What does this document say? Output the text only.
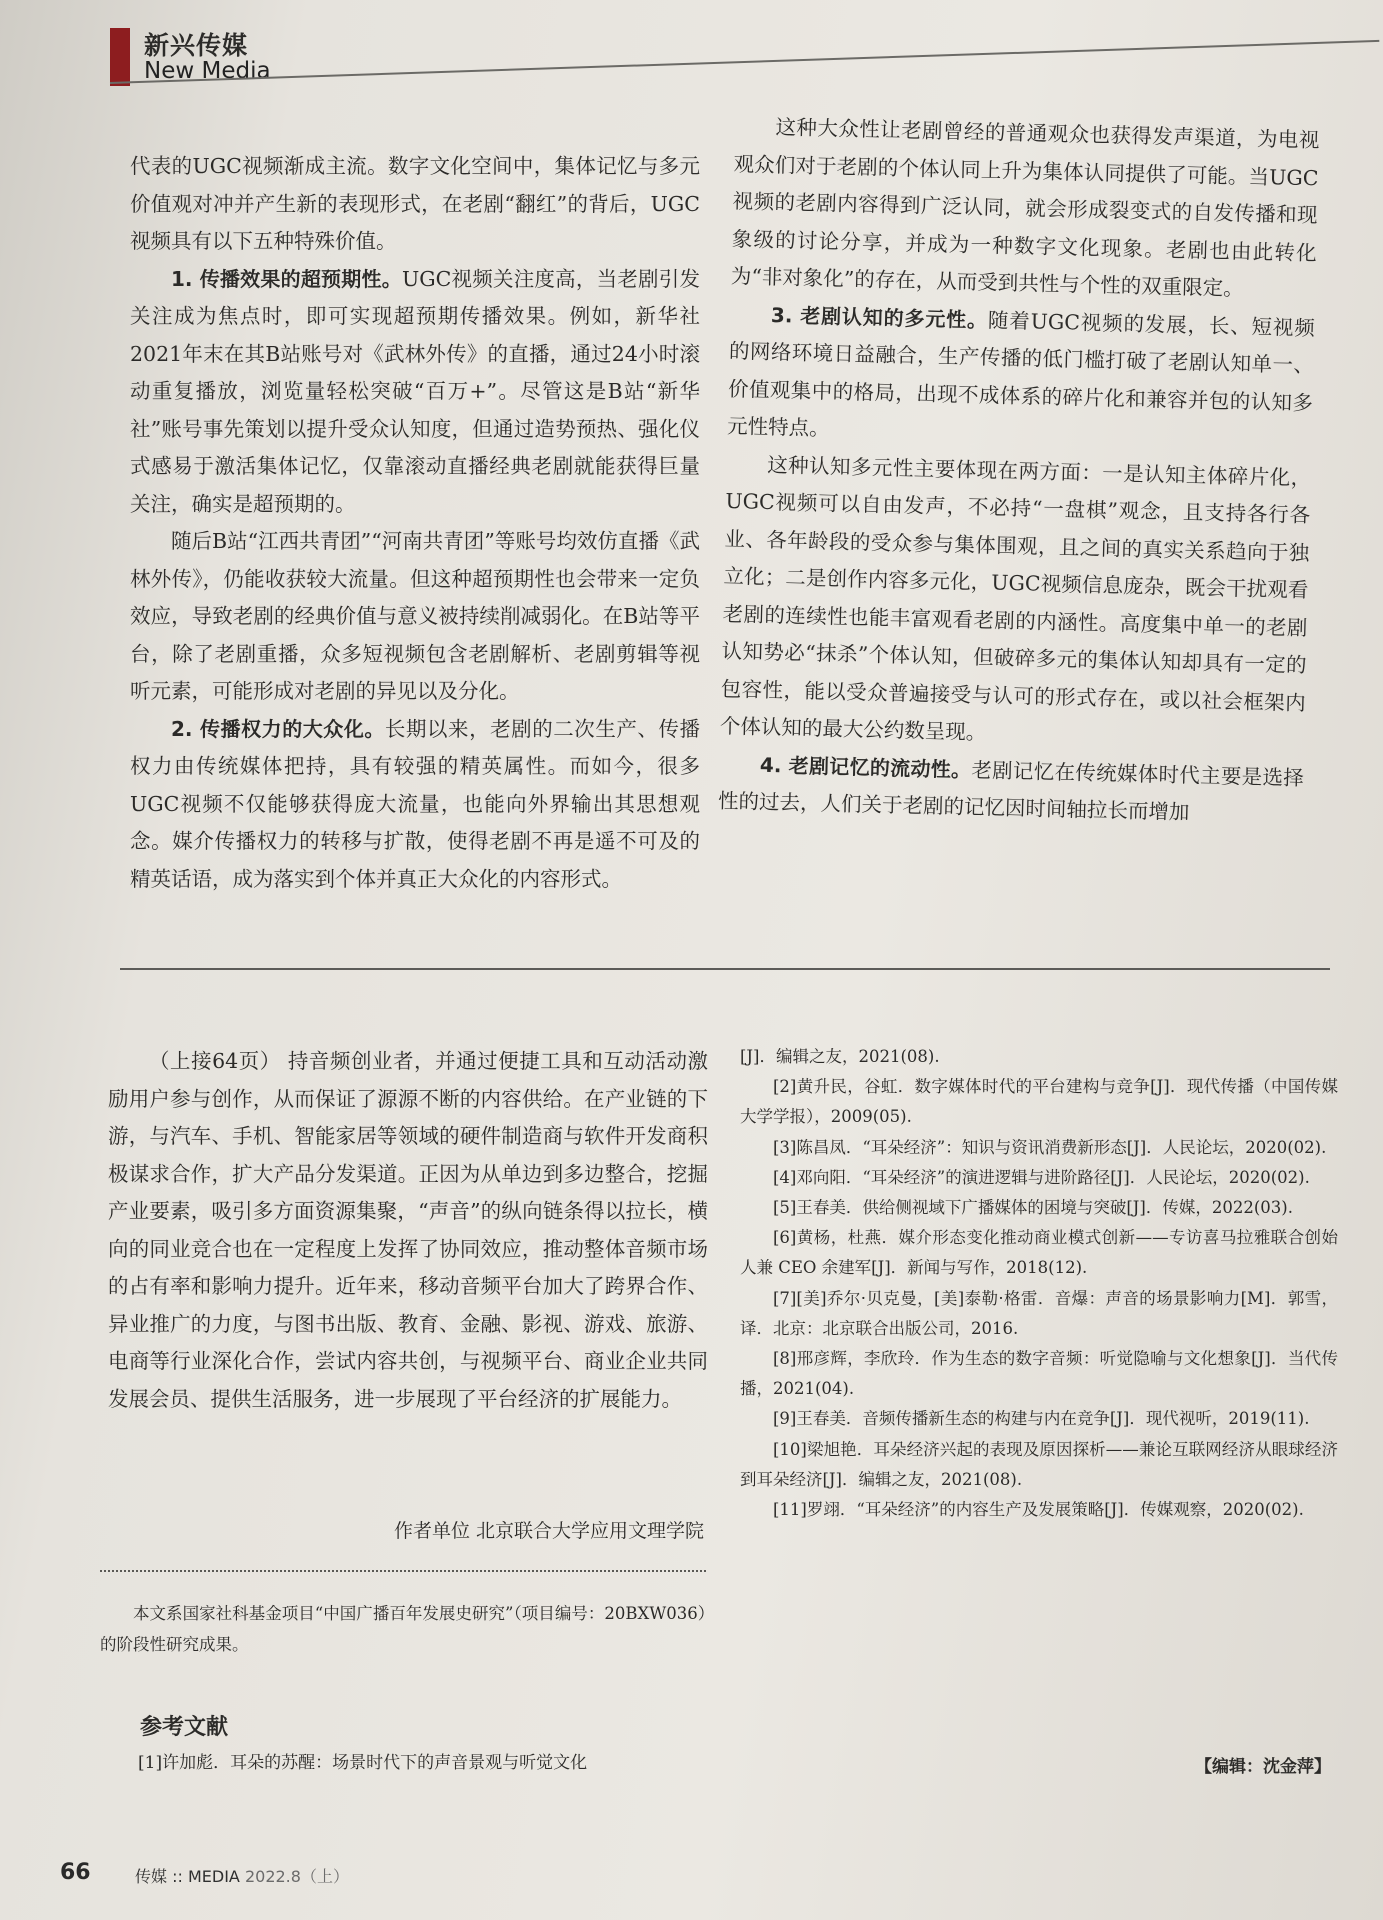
新兴传媒
New Media

代表的UGC视频渐成主流。数字文化空间中，集体记忆与多元价值观对冲并产生新的表现形式，在老剧“翻红”的背后，UGC视频具有以下五种特殊价值。

1. 传播效果的超预期性。UGC视频关注度高，当老剧引发关注成为焦点时，即可实现超预期传播效果。例如，新华社2021年末在其B站账号对《武林外传》的直播，通过24小时滚动重复播放，浏览量轻松突破“百万+”。尽管这是B站“新华社”账号事先策划以提升受众认知度，但通过造势预热、强化仪式感易于激活集体记忆，仅靠滚动直播经典老剧就能获得巨量关注，确实是超预期的。

随后B站“江西共青团”“河南共青团”等账号均效仿直播《武林外传》，仍能收获较大流量。但这种超预期性也会带来一定负效应，导致老剧的经典价值与意义被持续削减弱化。在B站等平台，除了老剧重播，众多短视频包含老剧解析、老剧剪辑等视听元素，可能形成对老剧的异见以及分化。

2. 传播权力的大众化。长期以来，老剧的二次生产、传播权力由传统媒体把持，具有较强的精英属性。而如今，很多UGC视频不仅能够获得庞大流量，也能向外界输出其思想观念。媒介传播权力的转移与扩散，使得老剧不再是遥不可及的精英话语，成为落实到个体并真正大众化的内容形式。

这种大众性让老剧曾经的普通观众也获得发声渠道，为电视观众们对于老剧的个体认同上升为集体认同提供了可能。当UGC视频的老剧内容得到广泛认同，就会形成裂变式的自发传播和现象级的讨论分享，并成为一种数字文化现象。老剧也由此转化为“非对象化”的存在，从而受到共性与个性的双重限定。

3. 老剧认知的多元性。随着UGC视频的发展，长、短视频的网络环境日益融合，生产传播的低门槛打破了老剧认知单一、价值观集中的格局，出现不成体系的碎片化和兼容并包的认知多元性特点。

这种认知多元性主要体现在两方面：一是认知主体碎片化，UGC视频可以自由发声，不必持“一盘棋”观念，且支持各行各业、各年龄段的受众参与集体围观，且之间的真实关系趋向于独立化；二是创作内容多元化，UGC视频信息庞杂，既会干扰观看老剧的连续性也能丰富观看老剧的内涵性。高度集中单一的老剧认知势必“抹杀”个体认知，但破碎多元的集体认知却具有一定的包容性，能以受众普遍接受与认可的形式存在，或以社会框架内个体认知的最大公约数呈现。

4. 老剧记忆的流动性。老剧记忆在传统媒体时代主要是选择性的过去，人们关于老剧的记忆因时间轴拉长而增加

（上接64页） 持音频创业者，并通过便捷工具和互动活动激励用户参与创作，从而保证了源源不断的内容供给。在产业链的下游，与汽车、手机、智能家居等领域的硬件制造商与软件开发商积极谋求合作，扩大产品分发渠道。正因为从单边到多边整合，挖掘产业要素，吸引多方面资源集聚，“声音”的纵向链条得以拉长，横向的同业竞合也在一定程度上发挥了协同效应，推动整体音频市场的占有率和影响力提升。近年来，移动音频平台加大了跨界合作、异业推广的力度，与图书出版、教育、金融、影视、游戏、旅游、电商等行业深化合作，尝试内容共创，与视频平台、商业企业共同发展会员、提供生活服务，进一步展现了平台经济的扩展能力。

作者单位 北京联合大学应用文理学院
本文系国家社科基金项目“中国广播百年发展史研究”（项目编号：20BXW036）的阶段性研究成果。
参考文献
[1]许加彪．耳朵的苏醒：场景时代下的声音景观与听觉文化

[J]．编辑之友，2021(08).

[2]黄升民，谷虹．数字媒体时代的平台建构与竞争[J]．现代传播（中国传媒大学学报），2009(05).

[3]陈昌凤．“耳朵经济”：知识与资讯消费新形态[J]．人民论坛，2020(02).

[4]邓向阳．“耳朵经济”的演进逻辑与进阶路径[J]．人民论坛，2020(02).

[5]王春美．供给侧视域下广播媒体的困境与突破[J]．传媒，2022(03).

[6]黄杨，杜燕．媒介形态变化推动商业模式创新——专访喜马拉雅联合创始人兼 CEO 余建军[J]．新闻与写作，2018(12).

[7][美]乔尔·贝克曼，[美]泰勒·格雷．音爆：声音的场景影响力[M]．郭雪，译．北京：北京联合出版公司，2016.

[8]邢彦辉，李欣玲．作为生态的数字音频：听觉隐喻与文化想象[J]．当代传播，2021(04).

[9]王春美．音频传播新生态的构建与内在竞争[J]．现代视听，2019(11).

[10]梁旭艳．耳朵经济兴起的表现及原因探析——兼论互联网经济从眼球经济到耳朵经济[J]．编辑之友，2021(08).

[11]罗翊．“耳朵经济”的内容生产及发展策略[J]．传媒观察，2020(02).

【编辑：沈金萍】
66	传媒 :: MEDIA 2022.8（上）
